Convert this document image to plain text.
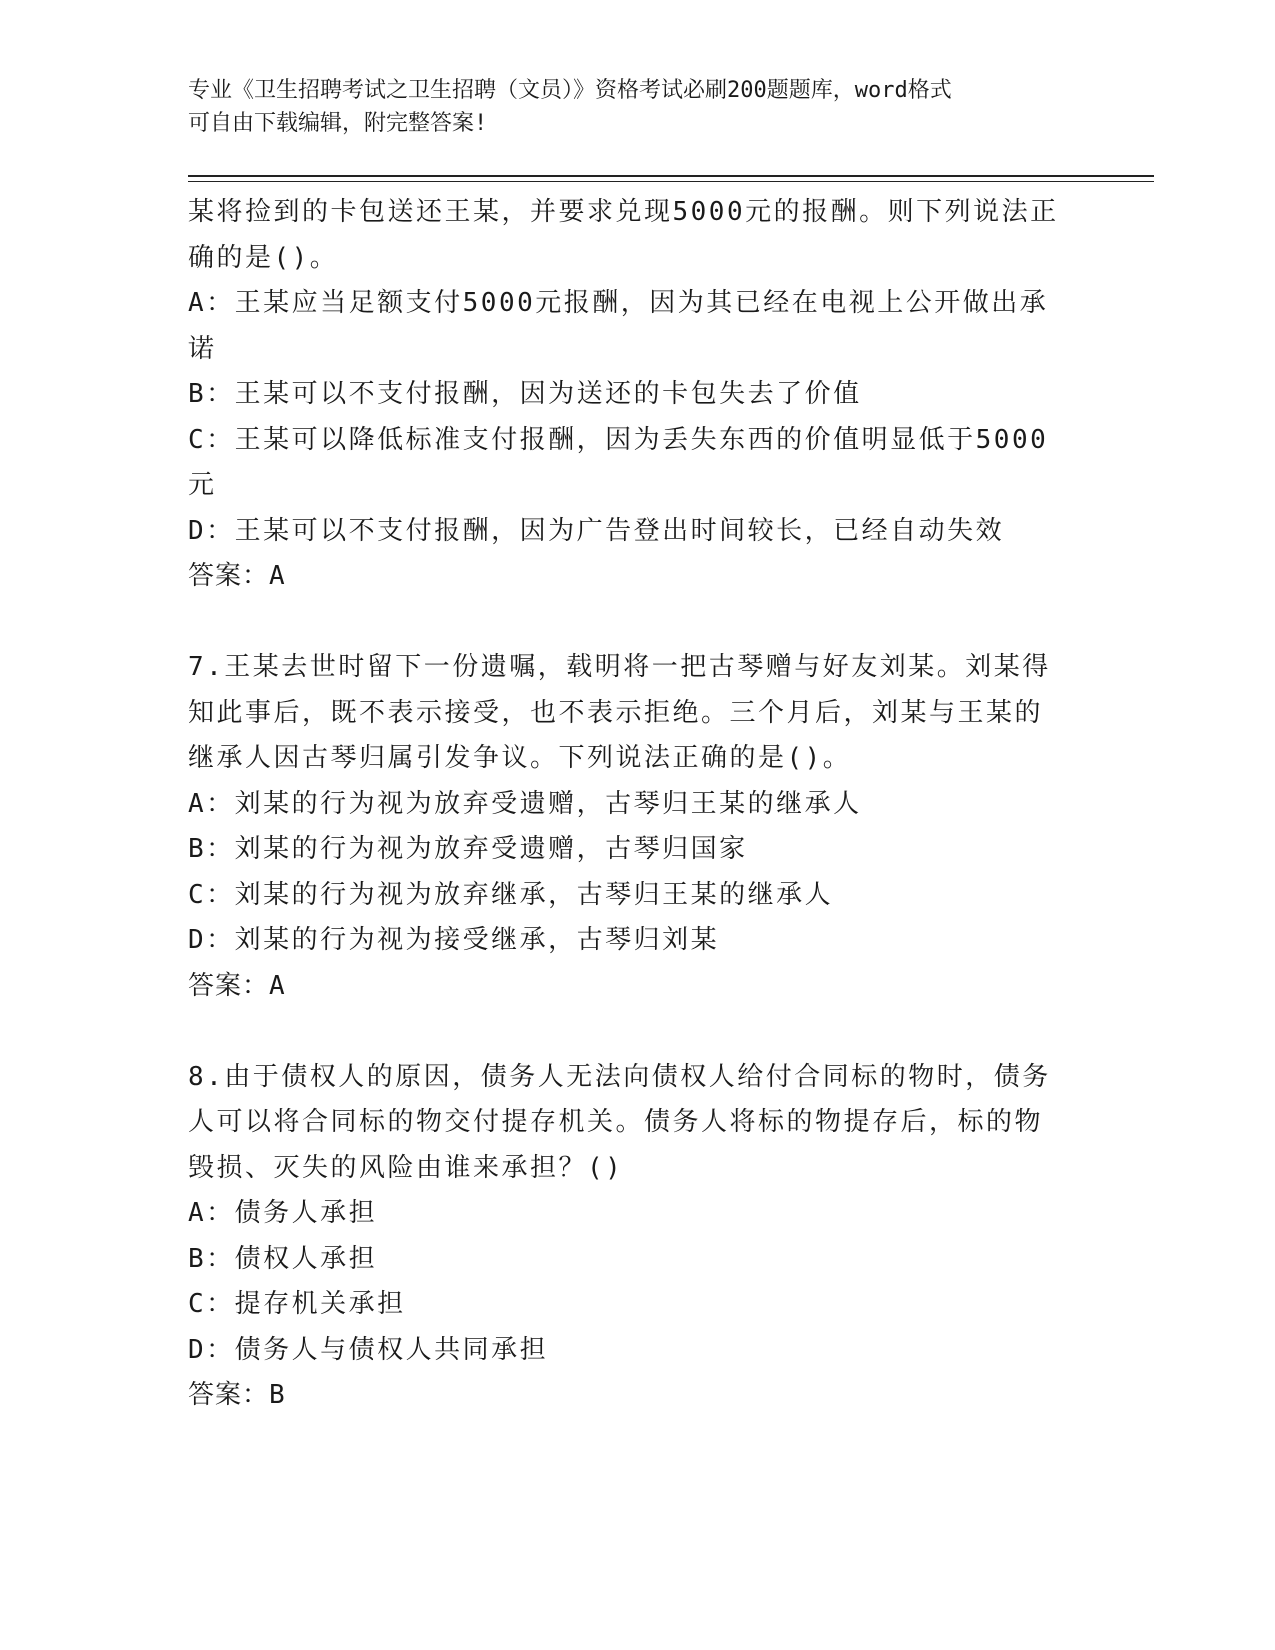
专业《卫生招聘考试之卫生招聘（文员）》资格考试必刷200题题库，word格式
可自由下载编辑，附完整答案!
某将捡到的卡包送还王某，并要求兑现5000元的报酬。则下列说法正
确的是()。
A：王某应当足额支付5000元报酬，因为其已经在电视上公开做出承
诺
B：王某可以不支付报酬，因为送还的卡包失去了价值
C：王某可以降低标准支付报酬，因为丢失东西的价值明显低于5000
元
D：王某可以不支付报酬，因为广告登出时间较长，已经自动失效
答案：A
7.王某去世时留下一份遗嘱，载明将一把古琴赠与好友刘某。刘某得
知此事后，既不表示接受，也不表示拒绝。三个月后，刘某与王某的
继承人因古琴归属引发争议。下列说法正确的是()。
A：刘某的行为视为放弃受遗赠，古琴归王某的继承人
B：刘某的行为视为放弃受遗赠，古琴归国家
C：刘某的行为视为放弃继承，古琴归王某的继承人
D：刘某的行为视为接受继承，古琴归刘某
答案：A
8.由于债权人的原因，债务人无法向债权人给付合同标的物时，债务
人可以将合同标的物交付提存机关。债务人将标的物提存后，标的物
毁损、灭失的风险由谁来承担？()
A：债务人承担
B：债权人承担
C：提存机关承担
D：债务人与债权人共同承担
答案：B
